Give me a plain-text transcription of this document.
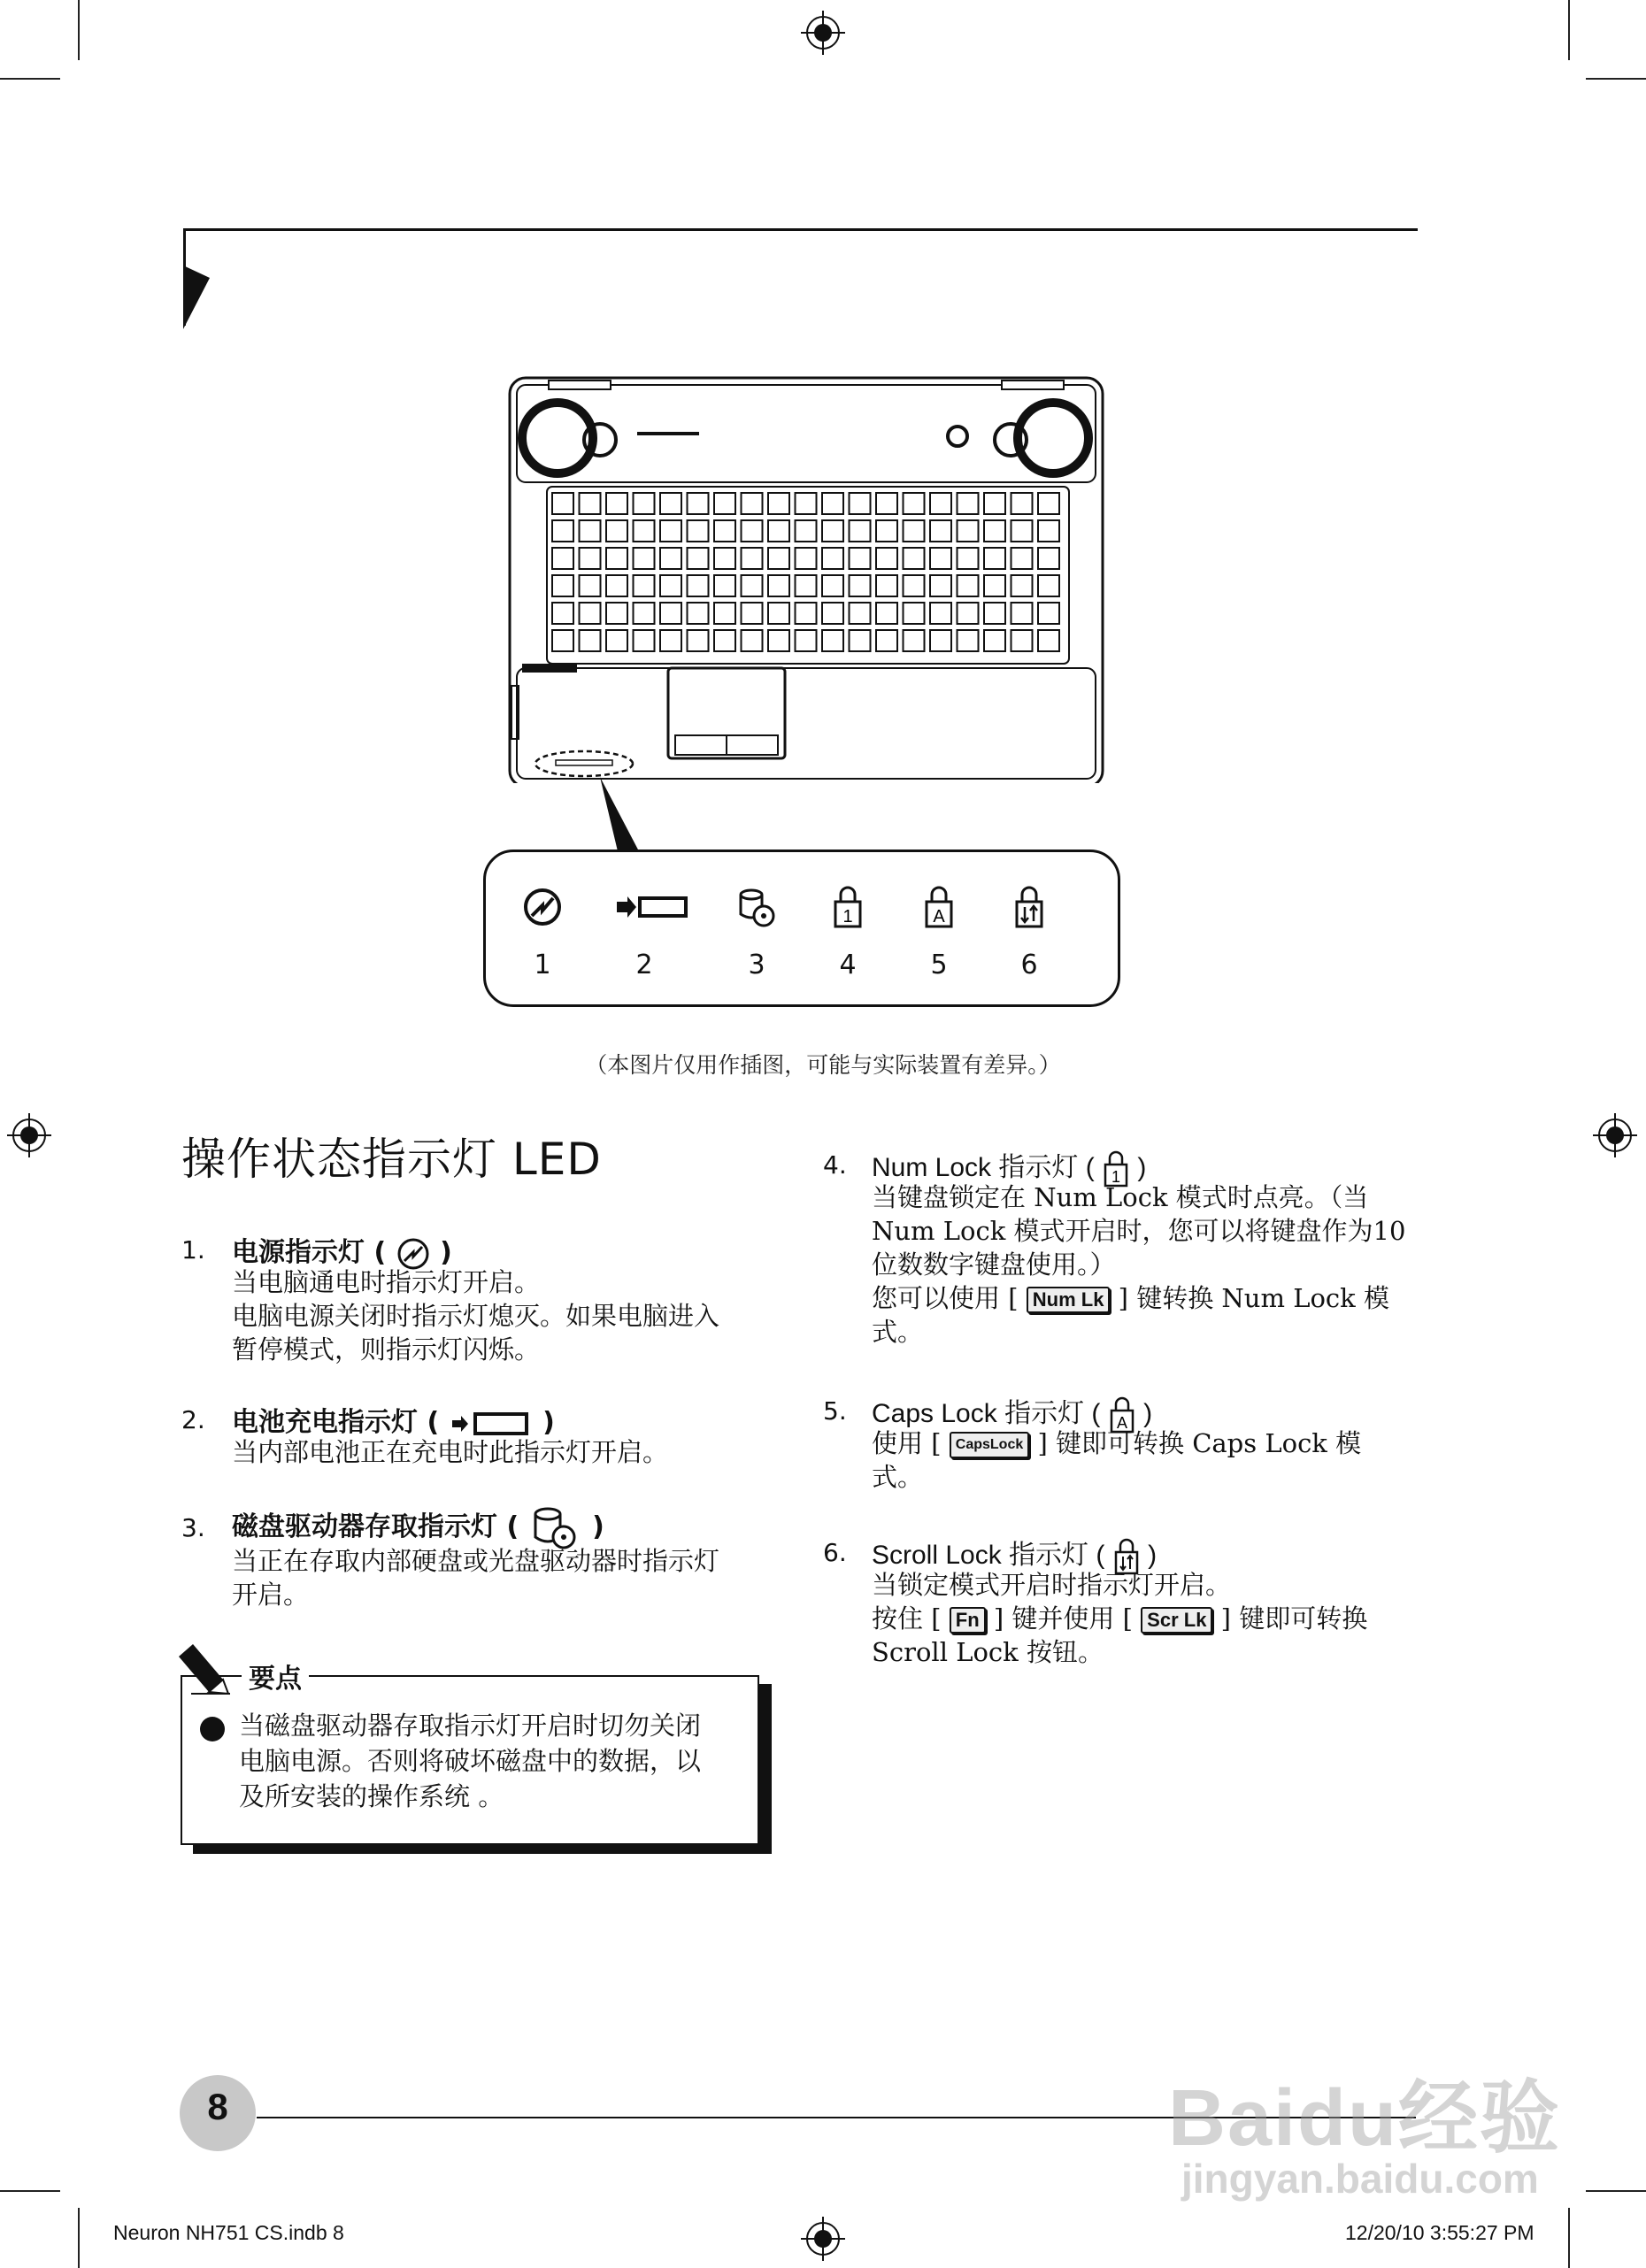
1	2	3
1
4
A
5	6
（本图片仅用作插图，可能与实际装置有差异。）
操作状态指示灯 LED
1. 电源指示灯 ( )
当电脑通电时指示灯开启。
电脑电源关闭时指示灯熄灭。如果电脑进入
暂停模式，则指示灯闪烁。
2. 电池充电指示灯 (	)
当内部电池正在充电时此指示灯开启。
3. 磁盘驱动器存取指示灯 (	)
当正在存取内部硬盘或光盘驱动器时指示灯
开启。
要点
当磁盘驱动器存取指示灯开启时切勿关闭
电脑电源。否则将破坏磁盘中的数据，以
及所安装的操作系统 。
4. Num Lock 指示灯 ( 1 )
当键盘锁定在 Num Lock 模式时点亮。（当
Num Lock 模式开启时，您可以将键盘作为10
位数数字键盘使用。）
您可以使用 [ Num Lk ] 键转换 Num Lock 模
式。
5. Caps Lock 指示灯 ( A )
使用 [ CapsLock ] 键即可转换 Caps Lock 模
式。
6. Scroll Lock 指示灯 ( )
当锁定模式开启时指示灯开启。
按住 [ Fn ] 键并使用 [ Scr Lk ] 键即可转换
Scroll Lock 按钮。
8	Baidu经验
jingyan.baidu.com
Neuron NH751 CS.indb 8	12/20/10 3:55:27 PM
